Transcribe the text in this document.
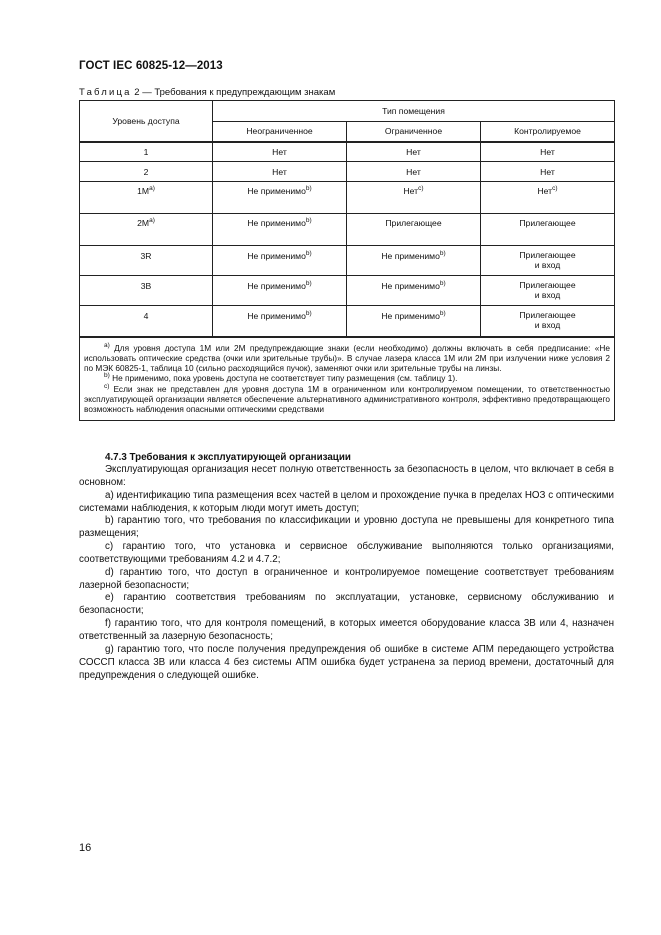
ГОСТ IEC 60825-12—2013
Таблица 2 — Требования к предупреждающим знакам
Уровень доступа	Тип помещения		
	Неограниченное	Ограниченное	Контролируемое
1	Нет	Нет	Нет

2	Нет	Нет	Нет

$1M^{a)}$	Не применимо$^{b)}$	Нет$^{c)}$	Нет$^{c)}$

$2M^{a)}$	Не применимо$^{b)}$	Прилегающее	Прилегающее

3R	Не применимо$^{b)}$	Не применимо$^{b)}$	Прилегающее
и вход
3B	Не применимо$^{b)}$	Не применимо$^{b)}$	Прилегающее
и вход
4	Не применимо$^{b)}$	Не применимо$^{b)}$	Прилегающее
и вход

$^{a)}$ Для уровня доступа 1М или 2М предупреждающие знаки (если необходимо) должны включать в себя предписание: «Не использовать оптические средства (очки или зрительные трубы)». В случае лазера класса 1М или 2М при излучении ниже условия 2 по МЭК 60825-1, таблица 10 (сильно расходящийся пучок), заменяют очки или зрительные трубы на линзы.

$^{b)}$ Не применимо, пока уровень доступа не соответствует типу размещения (см. таблицу 1).

$^{c)}$ Если знак не представлен для уровня доступа 1М в ограниченном или контролируемом помещении, то ответственностью эксплуатирующей организации является обеспечение альтернативного административного контроля, эффективно предотвращающего возможность наблюдения опасными оптическими средствами			

4.7.3 Требования к эксплуатирующей организации

Эксплуатирующая организация несет полную ответственность за безопасность в целом, что включает в себя в основном:

a) идентификацию типа размещения всех частей в целом и прохождение пучка в пределах НОЗ с оптическими системами наблюдения, к которым люди могут иметь доступ;

b) гарантию того, что требования по классификации и уровню доступа не превышены для конкретного типа размещения;

c) гарантию того, что установка и сервисное обслуживание выполняются только организациями, соответствующими требованиям 4.2 и 4.7.2;

d) гарантию того, что доступ в ограниченное и контролируемое помещение соответствует требованиям лазерной безопасности;

e) гарантию соответствия требованиям по эксплуатации, установке, сервисному обслуживанию и безопасности;

f) гарантию того, что для контроля помещений, в которых имеется оборудование класса 3В или 4, назначен ответственный за лазерную безопасность;

g) гарантию того, что после получения предупреждения об ошибке в системе АПМ передающего устройства СОССП класса 3В или класса 4 без системы АПМ ошибка будет устранена за период времени, достаточный для предупреждения о следующей ошибке.

16
